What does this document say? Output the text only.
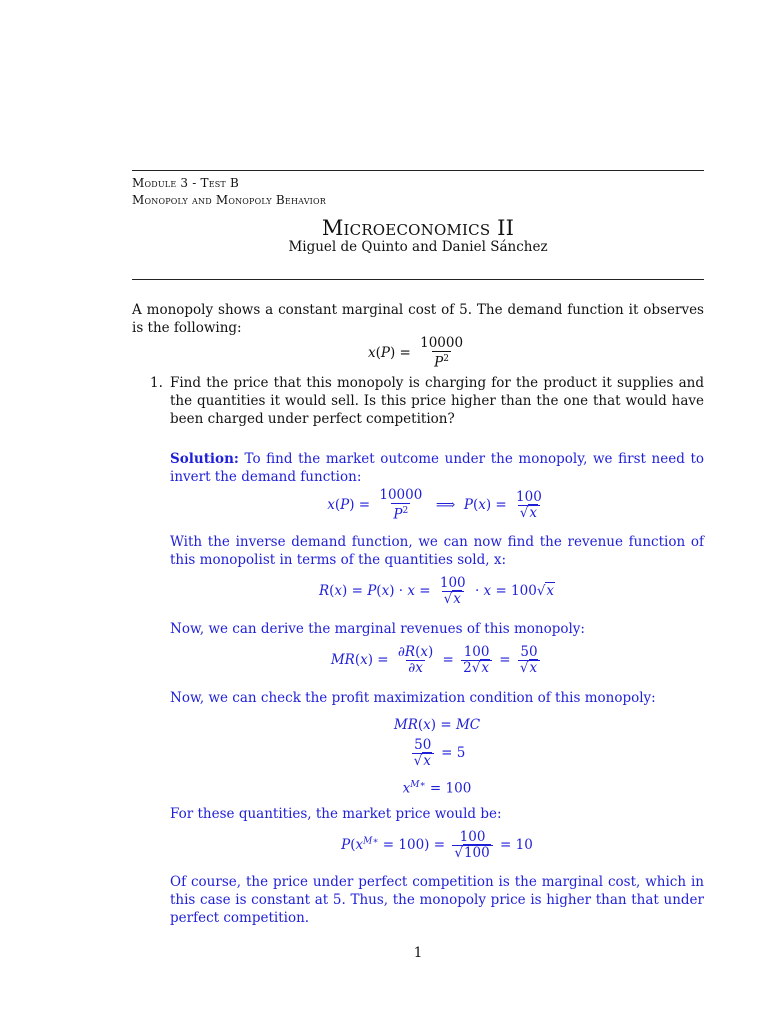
Module 3 - Test B
Monopoly and Monopoly Behavior
Microeconomics II
Miguel de Quinto and Daniel Sánchez
A monopoly shows a constant marginal cost of 5. The demand function it observes is the following:
$x(P) = \frac{10000}{P^2}$
1. Find the price that this monopoly is charging for the product it supplies and the quantities it would sell. Is this price higher than the one that would have been charged under perfect competition?
Solution: To find the market outcome under the monopoly, we first need to invert the demand function:
$x(P) = \frac{10000}{P^2}$ ⟹  $P(x) = \frac{100}{√x}$
With the inverse demand function, we can now find the revenue function of this monopolist in terms of the quantities sold, x:
$R(x) = P(x) \cdot x = \frac{100}{√x} \cdot x = 100√x$
Now, we can derive the marginal revenues of this monopoly:
$MR(x) = \frac{\partial R(x)}{\partial x} = \frac{100}{2√x} = \frac{50}{√x}$
Now, we can check the profit maximization condition of this monopoly:
MR(x) = MC
$\frac{50}{√x} = 5$
$x^{M∗} = 100$
For these quantities, the market price would be:
$P(x^{M∗} = 100) = \frac{100}{√100} = 10$
Of course, the price under perfect competition is the marginal cost, which in this case is constant at 5. Thus, the monopoly price is higher than that under perfect competition.
1
